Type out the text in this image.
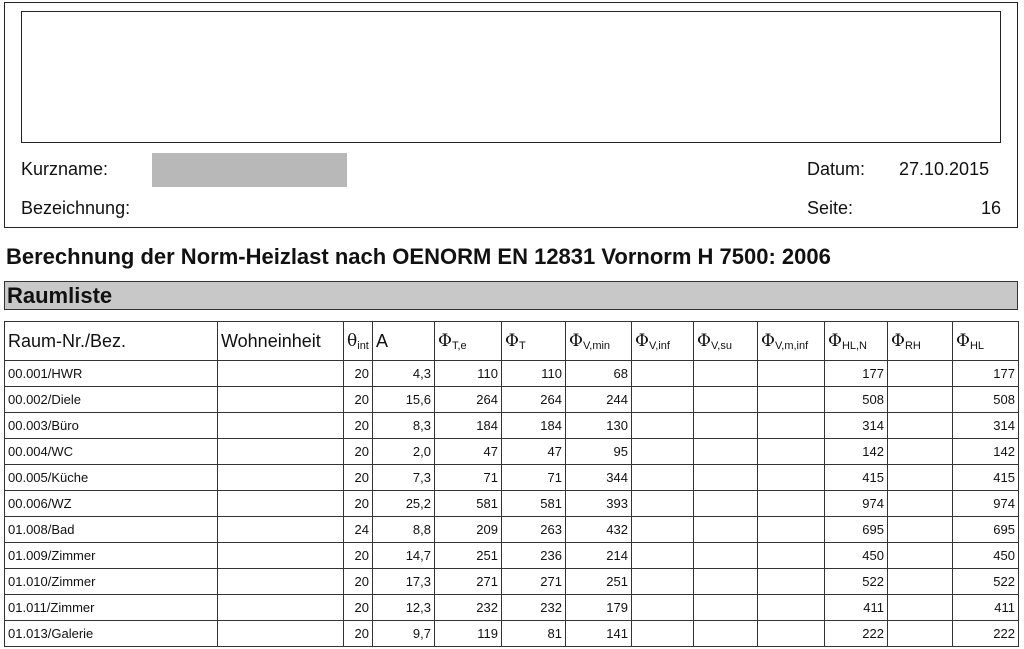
Kurzname:
Bezeichnung:
Datum: 27.10.2015
Seite:	16
Berechnung der Norm-Heizlast nach OENORM EN 12831 Vornorm H 7500: 2006
Raumliste
Raum-Nr./Bez.	Wohneinheit	$\theta_{int}$	A	$\Phi_{T,e}$	$\Phi_T$	$\Phi_{V,min}$	$\Phi_{V,inf}$	$\Phi_{V,su}$	$\Phi_{V,m,inf}$	$\Phi_{HL,N}$	$\Phi_{RH}$	$\Phi_{HL}$
00.001/HWR		20	4,3	110	110	68				177		177
00.002/Diele		20	15,6	264	264	244				508		508
00.003/Büro		20	8,3	184	184	130				314		314
00.004/WC		20	2,0	47	47	95				142		142
00.005/Küche		20	7,3	71	71	344				415		415
00.006/WZ		20	25,2	581	581	393				974		974
01.008/Bad		24	8,8	209	263	432				695		695
01.009/Zimmer		20	14,7	251	236	214				450		450
01.010/Zimmer		20	17,3	271	271	251				522		522
01.011/Zimmer		20	12,3	232	232	179				411		411
01.013/Galerie		20	9,7	119	81	141				222		222
